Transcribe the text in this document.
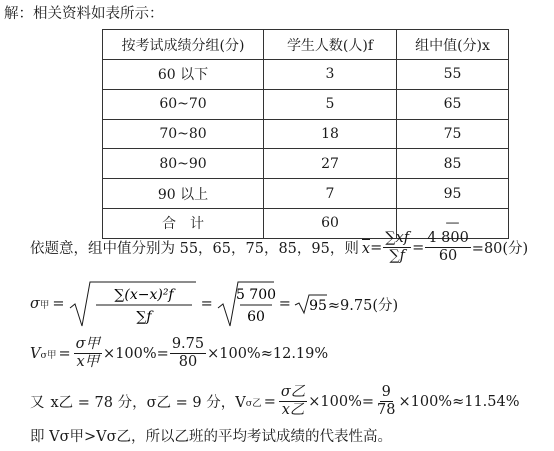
解：相关资料如表所示：
按考试成绩分组(分)	学生人数(人)f	组中值(分)x
60 以下	3	55
60~70	5	65
70~80	18	75
80~90	27	85
90 以上	7	95
合　计	60	—
依题意，组中值分别为 55，65，75，85，95，则 $x = \frac{\sum xf}{\sum f} = \frac{4 800}{60} =80$(分)
σ 甲 =
∑(x−x)²f
∑f
=
5 700
60
= 95 ≈9.75(分)
V σ甲 = $\frac{\text{σ甲}}{\text{x甲}} \times 100\%= \frac{9.75}{80} \times 100\%\approx 12.19\%$
又 x乙 = 78 分，σ乙 = 9 分，V σ乙 = $\frac{\text{σ乙}}{\text{x乙}} \times 100\%= \frac{9}{78} \times 100\%\approx 11.54\%$
即 Vσ甲>Vσ乙，所以乙班的平均考试成绩的代表性高。
